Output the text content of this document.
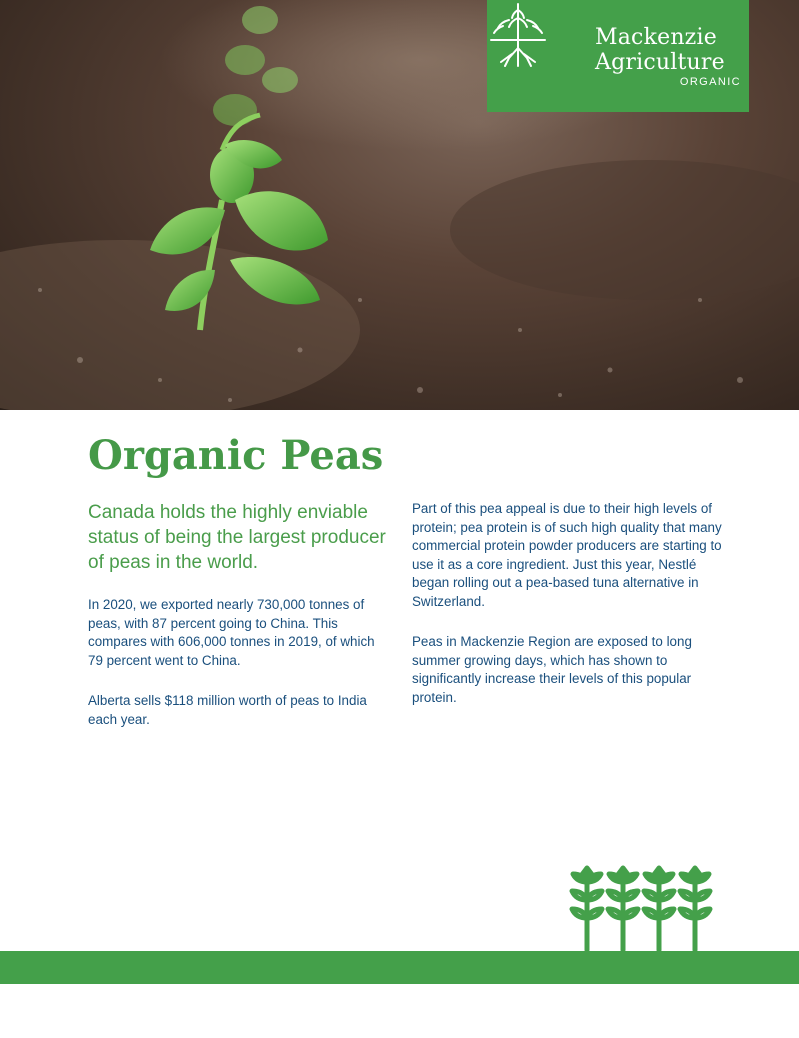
Mackenzie
Agriculture
ORGANIC
Organic Peas

Canada holds the highly enviable status of being the largest producer of peas in the world.

In 2020, we exported nearly 730,000 tonnes of peas, with 87 percent going to China. This compares with 606,000 tonnes in 2019, of which 79 percent went to China.

Alberta sells $118 million worth of peas to India each year.

Part of this pea appeal is due to their high levels of protein; pea protein is of such high quality that many commercial protein powder producers are starting to use it as a core ingredient. Just this year, Nestlé began rolling out a pea-based tuna alternative in Switzerland.

Peas in Mackenzie Region are exposed to long summer growing days, which has shown to significantly increase their levels of this popular protein.
